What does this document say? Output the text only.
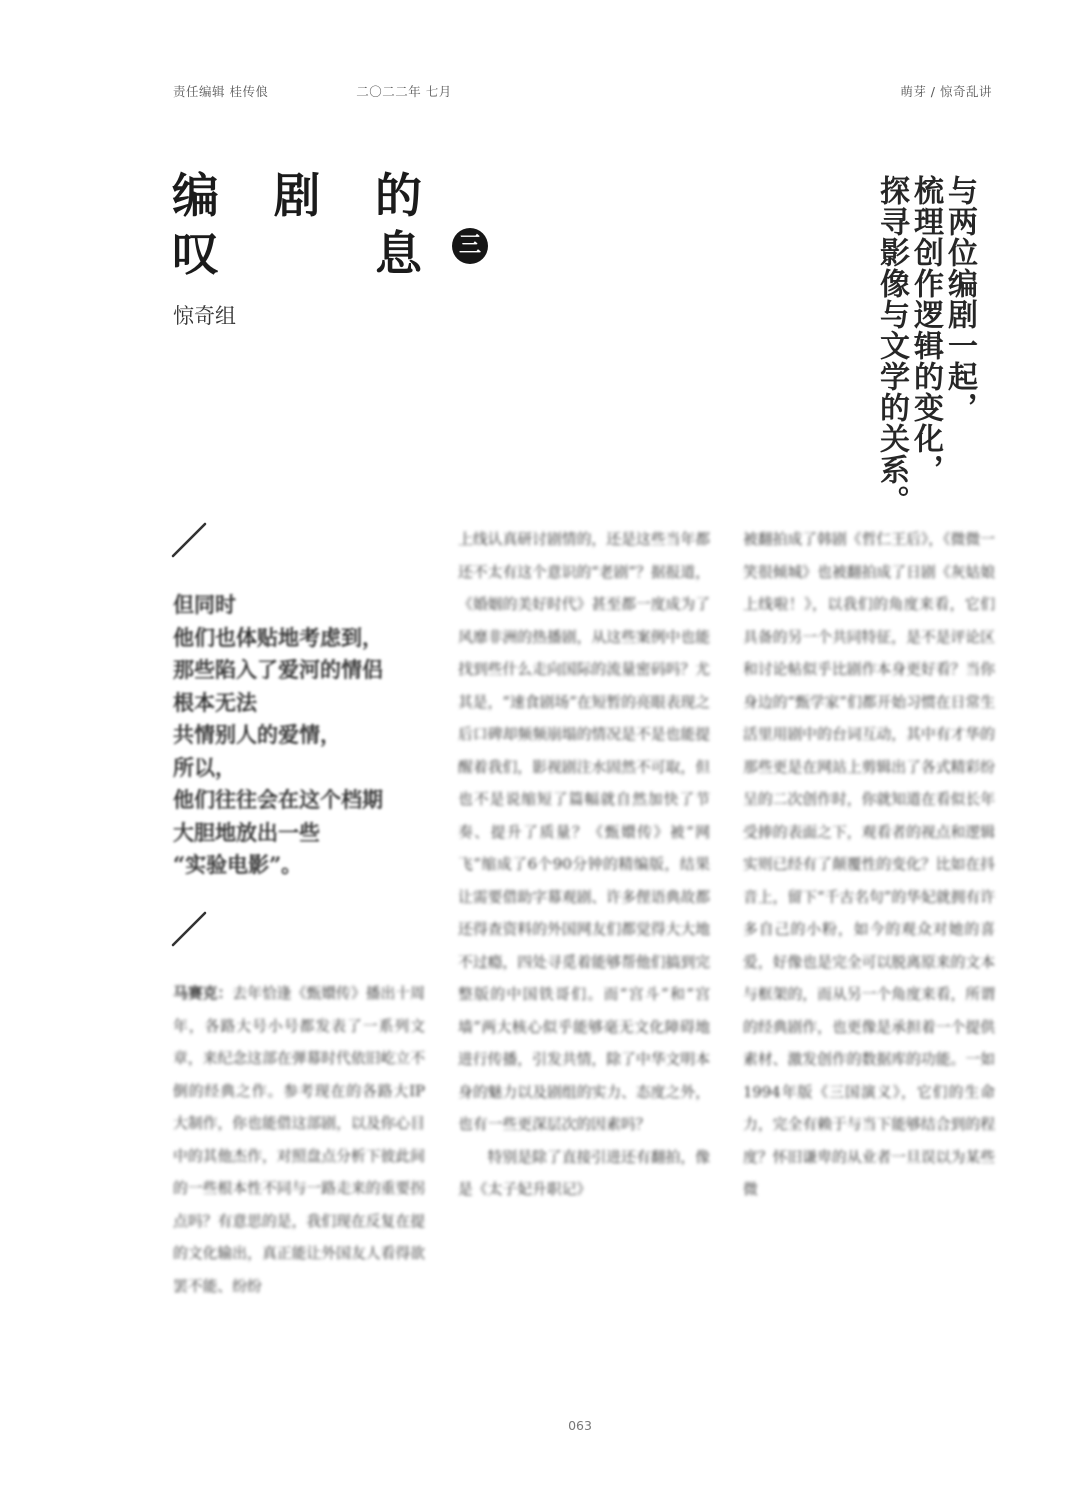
责任编辑 桂传俍	二〇二二年 七月	萌芽 / 惊奇乱讲
编 剧 的
叹	息	三
惊奇组	与两位编剧一起，
梳理创作逻辑的变化，
探寻影像与文学的关系。
但同时
他们也体贴地考虑到，
那些陷入了爱河的情侣
根本无法
共情别人的爱情，
所以，
他们往往会在这个档期
大胆地放出一些
“实验电影”。

马赛克：去年恰逢《甄嬛传》播出十周年，各路大号小号都发表了一系列文章，来纪念这部在弹幕时代依旧屹立不倒的经典之作。参考现在的各路大IP大制作，你也能借这部剧，以及你心目中的其他杰作，对照盘点分析下彼此间的一些根本性不同与一路走来的重要拐点吗？有意思的是，我们现在反复在提的文化输出，真正能让外国友人看得欲罢不能、纷纷

上线认真研讨剧情的，还是这些当年都还不太有这个意识的“老剧”？据报道，《婚姻的美好时代》甚至都一度成为了风靡非洲的热播剧，从这些案例中也能找到些什么走向国际的流量密码吗？尤其是，“速食剧场”在短暂的亮眼表现之后口碑却频频崩塌的情况是不是也能提醒着我们，影视剧注水固然不可取，但也不是说缩短了篇幅就自然加快了节奏、提升了质量？《甄嬛传》被“网飞”缩成了6个90分钟的精编版，结果让需要借助字幕观剧、许多俚语典故都还得查资料的外国网友们都觉得大大地不过瘾，四处寻觅着能够帮他们搞到完整版的中国铁哥们。而“宫斗”和“宫墙”两大核心似乎能够毫无文化障碍地进行传播，引发共情，除了中华文明本身的魅力以及剧组的实力、态度之外，也有一些更深层次的因素吗？

特别是除了直接引进还有翻拍，像是《太子妃升职记》

被翻拍成了韩剧《哲仁王后》，《微微一笑很倾城》也被翻拍成了日剧《灰姑娘上线啦！》，以我们的角度来看，它们具备的另一个共同特征，是不是评论区和讨论帖似乎比剧作本身更好看？当你身边的“甄学家”们都开始习惯在日常生活里用剧中的台词互动，其中有才华的那些更是在网站上剪辑出了各式精彩纷呈的二次创作时，你就知道在看似长年受捧的表面之下，观看者的视点和逻辑实则已经有了颠覆性的变化？比如在抖音上，留下“千古名句”的华妃就拥有许多自己的小粉，如今的观众对她的喜爱，好像也是完全可以脱离原来的文本与框架的，而从另一个角度来看，所谓的经典剧作，也更像是承担着一个提供素材、激发创作的数据库的功能。一如1994年版《三国演义》，它们的生命力，完全有赖于与当下能够结合到的程度？怀旧谦卑的从业者一旦误以为某些微

063
